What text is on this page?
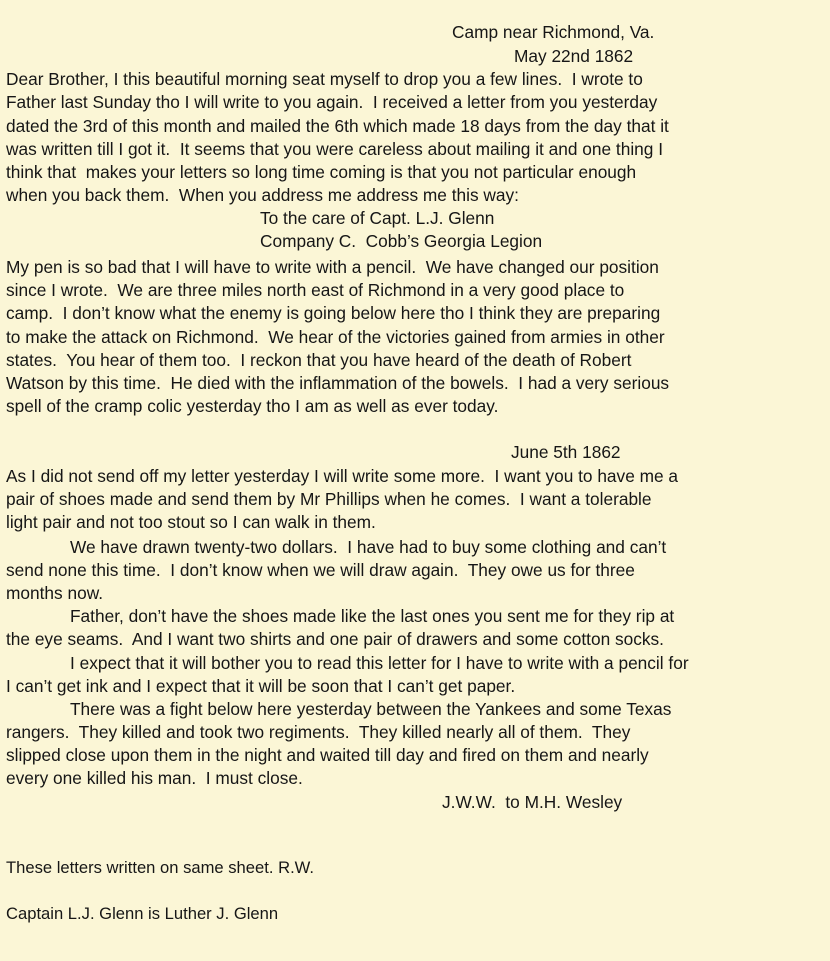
Camp near Richmond, Va.
May 22nd 1862
Dear Brother, I this beautiful morning seat myself to drop you a few lines.  I wrote to
Father last Sunday tho I will write to you again.  I received a letter from you yesterday
dated the 3rd of this month and mailed the 6th which made 18 days from the day that it
was written till I got it.  It seems that you were careless about mailing it and one thing I
think that  makes your letters so long time coming is that you not particular enough
when you back them.  When you address me address me this way:
To the care of Capt. L.J. Glenn
Company C.  Cobb’s Georgia Legion
My pen is so bad that I will have to write with a pencil.  We have changed our position
since I wrote.  We are three miles north east of Richmond in a very good place to
camp.  I don’t know what the enemy is going below here tho I think they are preparing
to make the attack on Richmond.  We hear of the victories gained from armies in other
states.  You hear of them too.  I reckon that you have heard of the death of Robert
Watson by this time.  He died with the inflammation of the bowels.  I had a very serious
spell of the cramp colic yesterday tho I am as well as ever today.
June 5th 1862
As I did not send off my letter yesterday I will write some more.  I want you to have me a
pair of shoes made and send them by Mr Phillips when he comes.  I want a tolerable
light pair and not too stout so I can walk in them.
We have drawn twenty-two dollars.  I have had to buy some clothing and can’t
send none this time.  I don’t know when we will draw again.  They owe us for three
months now.
Father, don’t have the shoes made like the last ones you sent me for they rip at
the eye seams.  And I want two shirts and one pair of drawers and some cotton socks.
I expect that it will bother you to read this letter for I have to write with a pencil for
I can’t get ink and I expect that it will be soon that I can’t get paper.
There was a fight below here yesterday between the Yankees and some Texas
rangers.  They killed and took two regiments.  They killed nearly all of them.  They
slipped close upon them in the night and waited till day and fired on them and nearly
every one killed his man.  I must close.
J.W.W.  to M.H. Wesley
These letters written on same sheet. R.W.
Captain L.J. Glenn is Luther J. Glenn
